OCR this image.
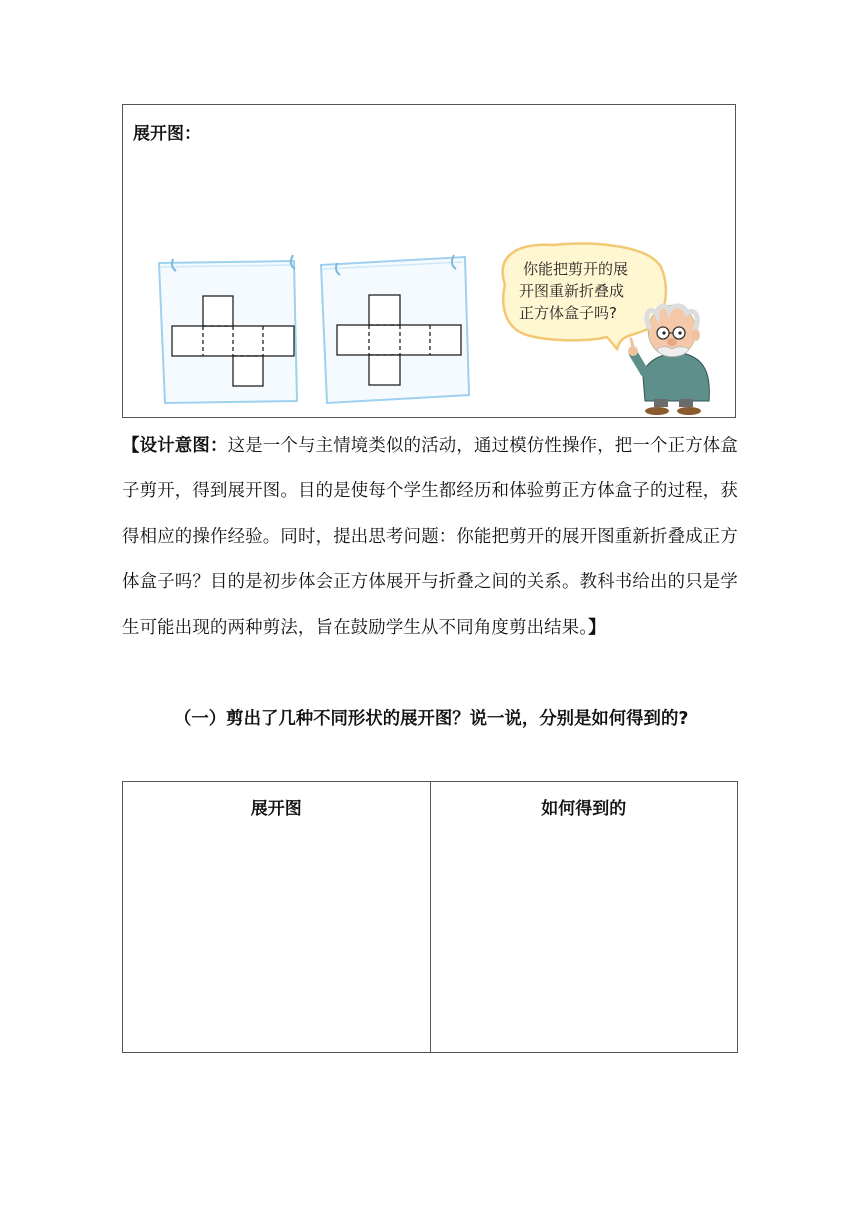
展开图：
你能把剪开的展
开图重新折叠成
正方体盒子吗?
【设计意图：这是一个与主情境类似的活动，通过模仿性操作，把一个正方体盒子剪开，得到展开图。目的是使每个学生都经历和体验剪正方体盒子的过程，获得相应的操作经验。同时，提出思考问题：你能把剪开的展开图重新折叠成正方体盒子吗？目的是初步体会正方体展开与折叠之间的关系。教科书给出的只是学生可能出现的两种剪法，旨在鼓励学生从不同角度剪出结果。】
（一）剪出了几种不同形状的展开图？说一说，分别是如何得到的?
展开图	如何得到的
